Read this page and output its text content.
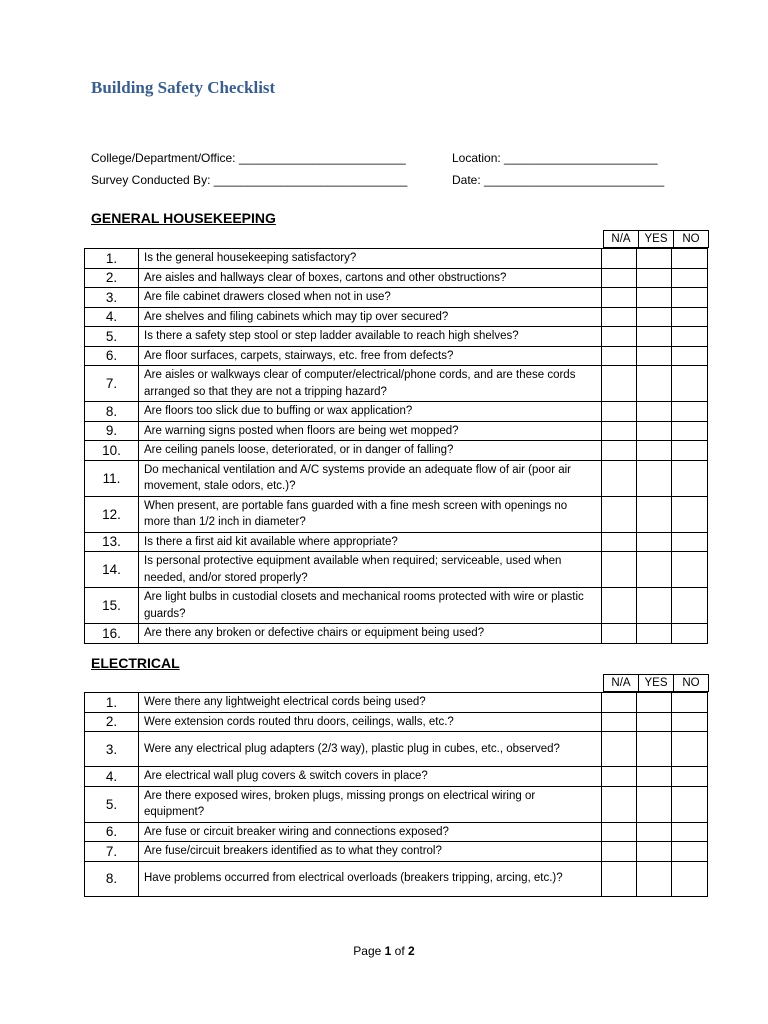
Building Safety Checklist
College/Department/Office: _________________________	Location: _______________________
Survey Conducted By: _____________________________	Date: ___________________________
GENERAL HOUSEKEEPING
N/A	YES	NO
1.	Is the general housekeeping satisfactory?			
2.	Are aisles and hallways clear of boxes, cartons and other obstructions?			
3.	Are file cabinet drawers closed when not in use?			
4.	Are shelves and filing cabinets which may tip over secured?			
5.	Is there a safety step stool or step ladder available to reach high shelves?			
6.	Are floor surfaces, carpets, stairways, etc. free from defects?			
7.	Are aisles or walkways clear of computer/electrical/phone cords, and are these cords arranged so that they are not a tripping hazard?			
8.	Are floors too slick due to buffing or wax application?			
9.	Are warning signs posted when floors are being wet mopped?			
10.	Are ceiling panels loose, deteriorated, or in danger of falling?			
11.	Do mechanical ventilation and A/C systems provide an adequate flow of air (poor air movement, stale odors, etc.)?			
12.	When present, are portable fans guarded with a fine mesh screen with openings no more than 1/2 inch in diameter?			
13.	Is there a first aid kit available where appropriate?			
14.	Is personal protective equipment available when required; serviceable, used when needed, and/or stored properly?			
15.	Are light bulbs in custodial closets and mechanical rooms protected with wire or plastic guards?			
16.	Are there any broken or defective chairs or equipment being used?			
ELECTRICAL
N/A	YES	NO
1.	Were there any lightweight electrical cords being used?			
2.	Were extension cords routed thru doors, ceilings, walls, etc.?			
3.	Were any electrical plug adapters (2/3 way), plastic plug in cubes, etc., observed?			
4.	Are electrical wall plug covers & switch covers in place?			
5.	Are there exposed wires, broken plugs, missing prongs on electrical wiring or equipment?			
6.	Are fuse or circuit breaker wiring and connections exposed?			
7.	Are fuse/circuit breakers identified as to what they control?			
8.	Have problems occurred from electrical overloads (breakers tripping, arcing, etc.)?			
Page 1 of 2
